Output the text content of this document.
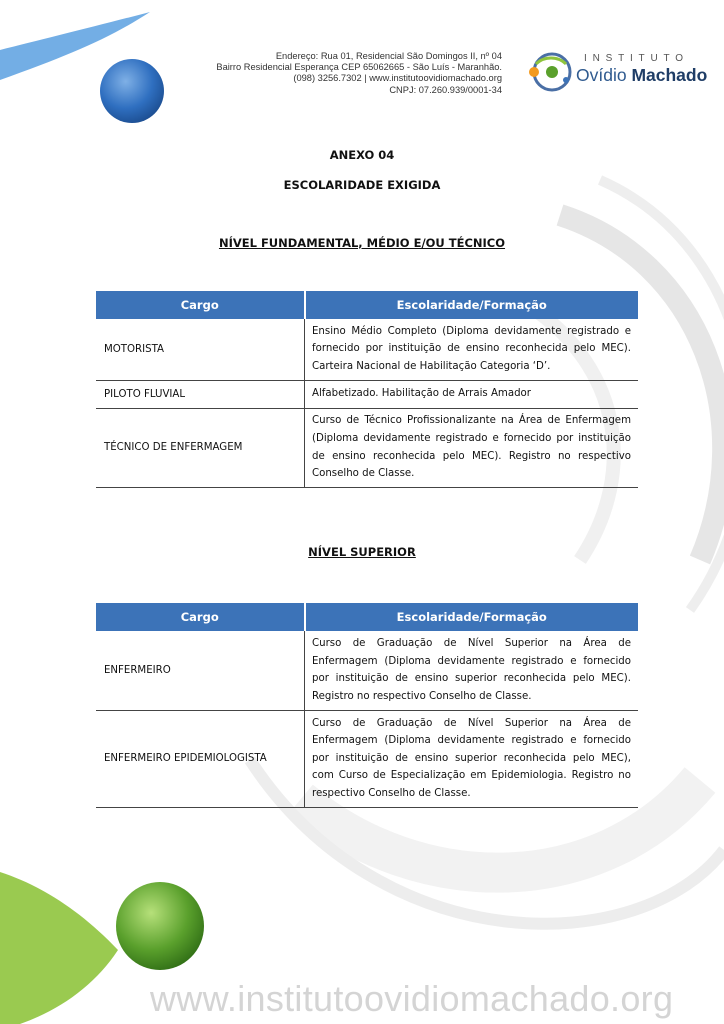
Endereço: Rua 01, Residencial São Domingos II, nº 04
Bairro Residencial Esperança CEP 65062665 - São Luís - Maranhão.
(098) 3256.7302 | www.institutoovidiomachado.org
CNPJ: 07.260.939/0001-34
INSTITUTO
Ovídio Machado
ANEXO 04
ESCOLARIDADE EXIGIDA
NÍVEL FUNDAMENTAL, MÉDIO E/OU TÉCNICO
Cargo	Escolaridade/Formação
MOTORISTA	Ensino Médio Completo (Diploma devidamente registrado e fornecido por instituição de ensino reconhecida pelo MEC). Carteira Nacional de Habilitação Categoria ‘D’.
PILOTO FLUVIAL	Alfabetizado. Habilitação de Arrais Amador
TÉCNICO DE ENFERMAGEM	Curso de Técnico Profissionalizante na Área de Enfermagem (Diploma devidamente registrado e fornecido por instituição de ensino reconhecida pelo MEC). Registro no respectivo Conselho de Classe.
NÍVEL SUPERIOR
Cargo	Escolaridade/Formação
ENFERMEIRO	Curso de Graduação de Nível Superior na Área de Enfermagem (Diploma devidamente registrado e fornecido por instituição de ensino superior reconhecida pelo MEC). Registro no respectivo Conselho de Classe.
ENFERMEIRO EPIDEMIOLOGISTA	Curso de Graduação de Nível Superior na Área de Enfermagem (Diploma devidamente registrado e fornecido por instituição de ensino superior reconhecida pelo MEC), com Curso de Especialização em Epidemiologia. Registro no respectivo Conselho de Classe.
www.institutoovidiomachado.org
